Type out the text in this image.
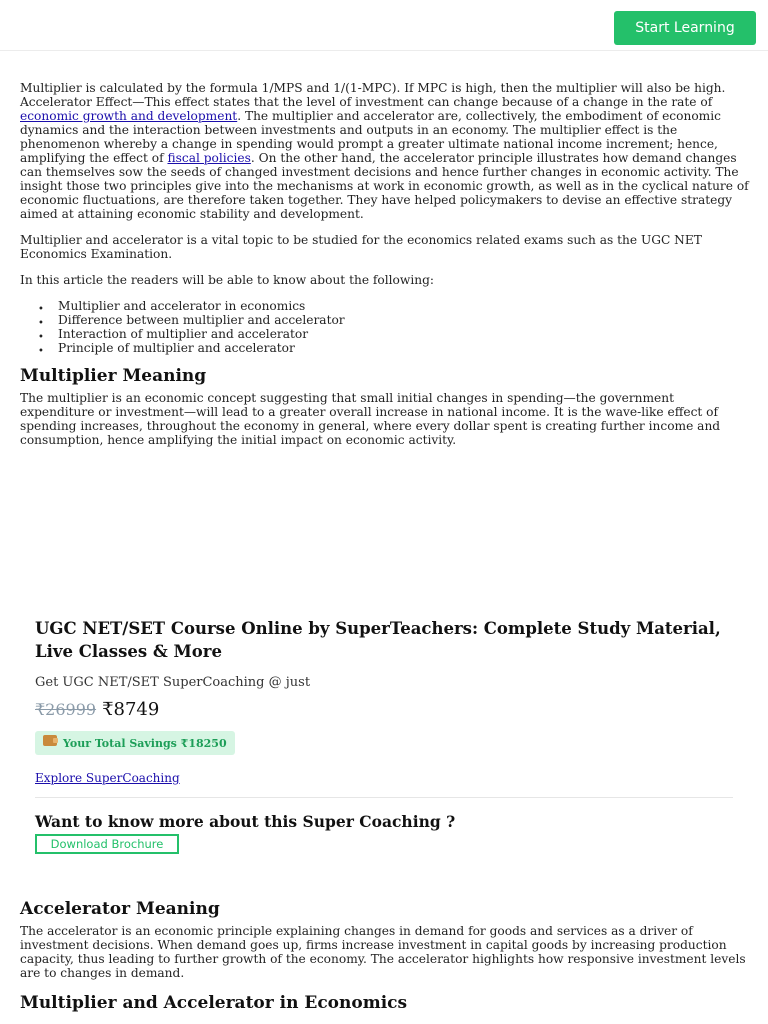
Start Learning

Multiplier is calculated by the formula 1/MPS and 1/(1-MPC). If MPC is high, then the multiplier will also be high. Accelerator Effect—This effect states that the level of investment can change because of a change in the rate of economic growth and development. The multiplier and accelerator are, collectively, the embodiment of economic dynamics and the interaction between investments and outputs in an economy. The multiplier effect is the phenomenon whereby a change in spending would prompt a greater ultimate national income increment; hence, amplifying the effect of fiscal policies. On the other hand, the accelerator principle illustrates how demand changes can themselves sow the seeds of changed investment decisions and hence further changes in economic activity. The insight those two principles give into the mechanisms at work in economic growth, as well as in the cyclical nature of economic fluctuations, are therefore taken together. They have helped policymakers to devise an effective strategy aimed at attaining economic stability and development.

Multiplier and accelerator is a vital topic to be studied for the economics related exams such as the UGC NET Economics Examination.

In this article the readers will be able to know about the following:

• Multiplier and accelerator in economics
• Difference between multiplier and accelerator
• Interaction of multiplier and accelerator
• Principle of multiplier and accelerator
Multiplier Meaning

The multiplier is an economic concept suggesting that small initial changes in spending—the government expenditure or investment—will lead to a greater overall increase in national income. It is the wave-like effect of spending increases, throughout the economy in general, where every dollar spent is creating further income and consumption, hence amplifying the initial impact on economic activity.

UGC NET/SET Course Online by SuperTeachers: Complete Study Material, Live Classes & More
Get UGC NET/SET SuperCoaching @ just
₹26999 ₹8749
Your Total Savings ₹18250
Explore SuperCoaching
Want to know more about this Super Coaching ?
Download Brochure
Accelerator Meaning

The accelerator is an economic principle explaining changes in demand for goods and services as a driver of investment decisions. When demand goes up, firms increase investment in capital goods by increasing production capacity, thus leading to further growth of the economy. The accelerator highlights how responsive investment levels are to changes in demand.

Multiplier and Accelerator in Economics
